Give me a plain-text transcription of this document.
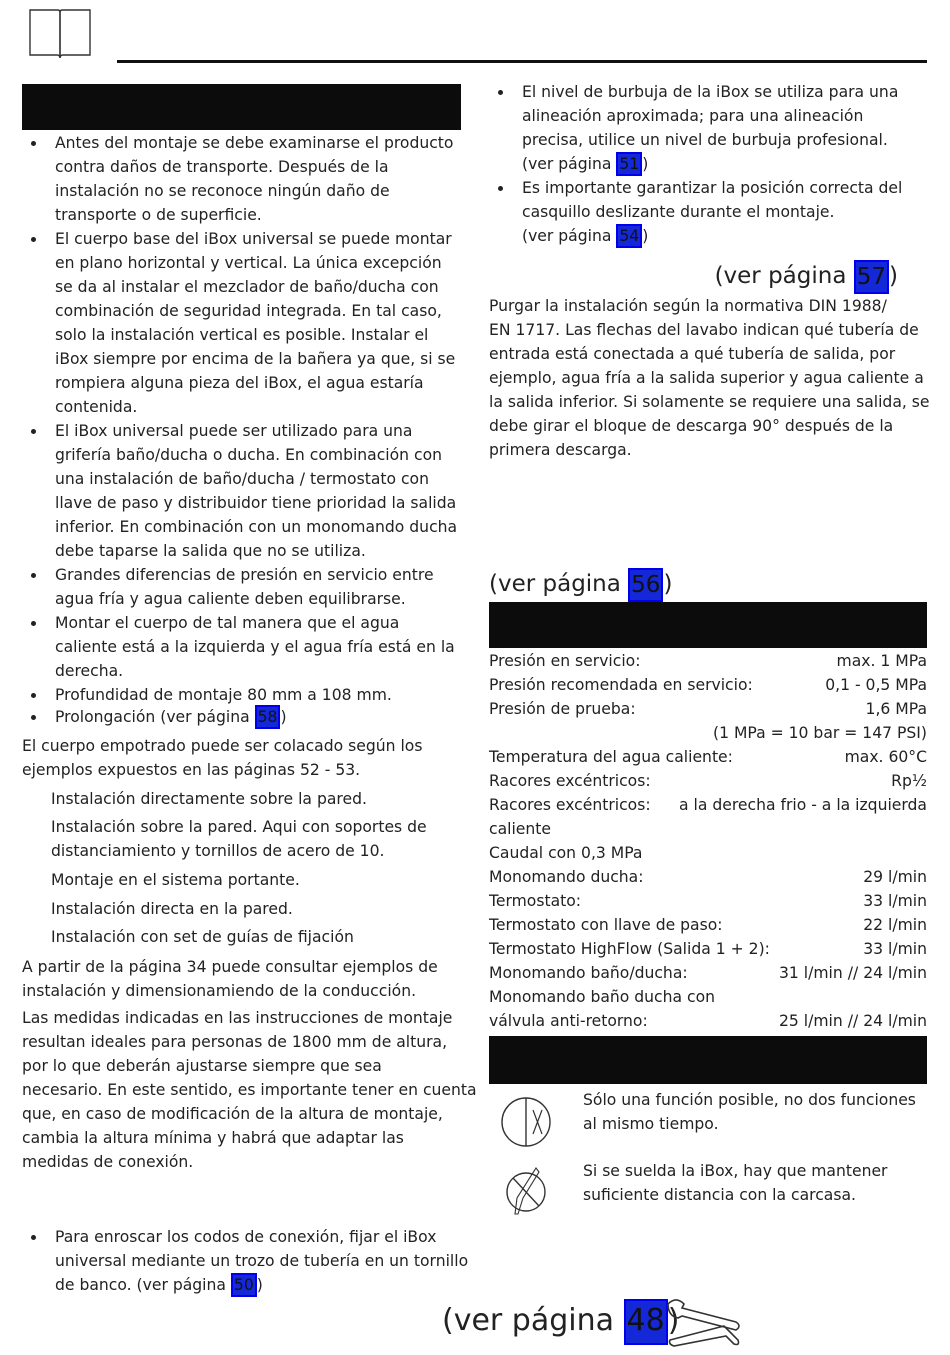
Antes del montaje se debe examinarse el producto
contra daños de transporte. Después de la
instalación no se reconoce ningún daño de
transporte o de superficie.
El cuerpo base del iBox universal se puede montar
en plano horizontal y vertical. La única excepción
se da al instalar el mezclador de baño/ducha con
combinación de seguridad integrada. En tal caso,
solo la instalación vertical es posible. Instalar el
iBox siempre por encima de la bañera ya que, si se
rompiera alguna pieza del iBox, el agua estaría
contenida.
El iBox universal puede ser utilizado para una
grifería baño/ducha o ducha. En combinación con
una instalación de baño/ducha / termostato con
llave de paso y distribuidor tiene prioridad la salida
inferior. En combinación con un monomando ducha
debe taparse la salida que no se utiliza.
Grandes diferencias de presión en servicio entre
agua fría y agua caliente deben equilibrarse.
Montar el cuerpo de tal manera que el agua
caliente está a la izquierda y el agua fría está en la
derecha.
Profundidad de montaje 80 mm a 108 mm.
Prolongación (ver página 58 )
El cuerpo empotrado puede ser colacado según los
ejemplos expuestos en las páginas 52 - 53.
Instalación directamente sobre la pared.
Instalación sobre la pared. Aqui con soportes de
distanciamiento y tornillos de acero de 10.
Montaje en el sistema portante.
Instalación directa en la pared.
Instalación con set de guías de fijación
A partir de la página 34 puede consultar ejemplos de
instalación y dimensionamiendo de la conducción.
Las medidas indicadas en las instrucciones de montaje
resultan ideales para personas de 1800 mm de altura,
por lo que deberán ajustarse siempre que sea
necesario. En este sentido, es importante tener en cuenta
que, en caso de modificación de la altura de montaje,
cambia la altura mínima y habrá que adaptar las
medidas de conexión.
Para enroscar los codos de conexión, fijar el iBox
universal mediante un trozo de tubería en un tornillo
de banco. (ver página 50 )
El nivel de burbuja de la iBox se utiliza para una
alineación aproximada; para una alineación
precisa, utilice un nivel de burbuja profesional.
(ver página 51 )
Es importante garantizar la posición correcta del
casquillo deslizante durante el montaje.
(ver página 54 )
(ver página 57 )
Purgar la instalación según la normativa DIN 1988/
EN 1717. Las flechas del lavabo indican qué tubería de
entrada está conectada a qué tubería de salida, por
ejemplo, agua fría a la salida superior y agua caliente a
la salida inferior. Si solamente se requiere una salida, se
debe girar el bloque de descarga 90° después de la
primera descarga.
(ver página 56 )
Presión en servicio:	max. 1 MPa
Presión recomendada en servicio:	0,1 - 0,5 MPa
Presión de prueba:	1,6 MPa
(1 MPa = 10 bar = 147 PSI)
Temperatura del agua caliente:	max. 60°C
Racores excéntricos:	Rp½
Racores excéntricos: a la derecha frio - a la izquierda
caliente
Caudal con 0,3 MPa
Monomando ducha:	29 l/min
Termostato:	33 l/min
Termostato con llave de paso:	22 l/min
Termostato HighFlow (Salida 1 + 2):	33 l/min
Monomando baño/ducha:	31 l/min // 24 l/min
Monomando baño ducha con
válvula anti-retorno:	25 l/min // 24 l/min
Sólo una función posible, no dos funciones
al mismo tiempo.
Si se suelda la iBox, hay que mantener
suficiente distancia con la carcasa.
(ver página 48 )
